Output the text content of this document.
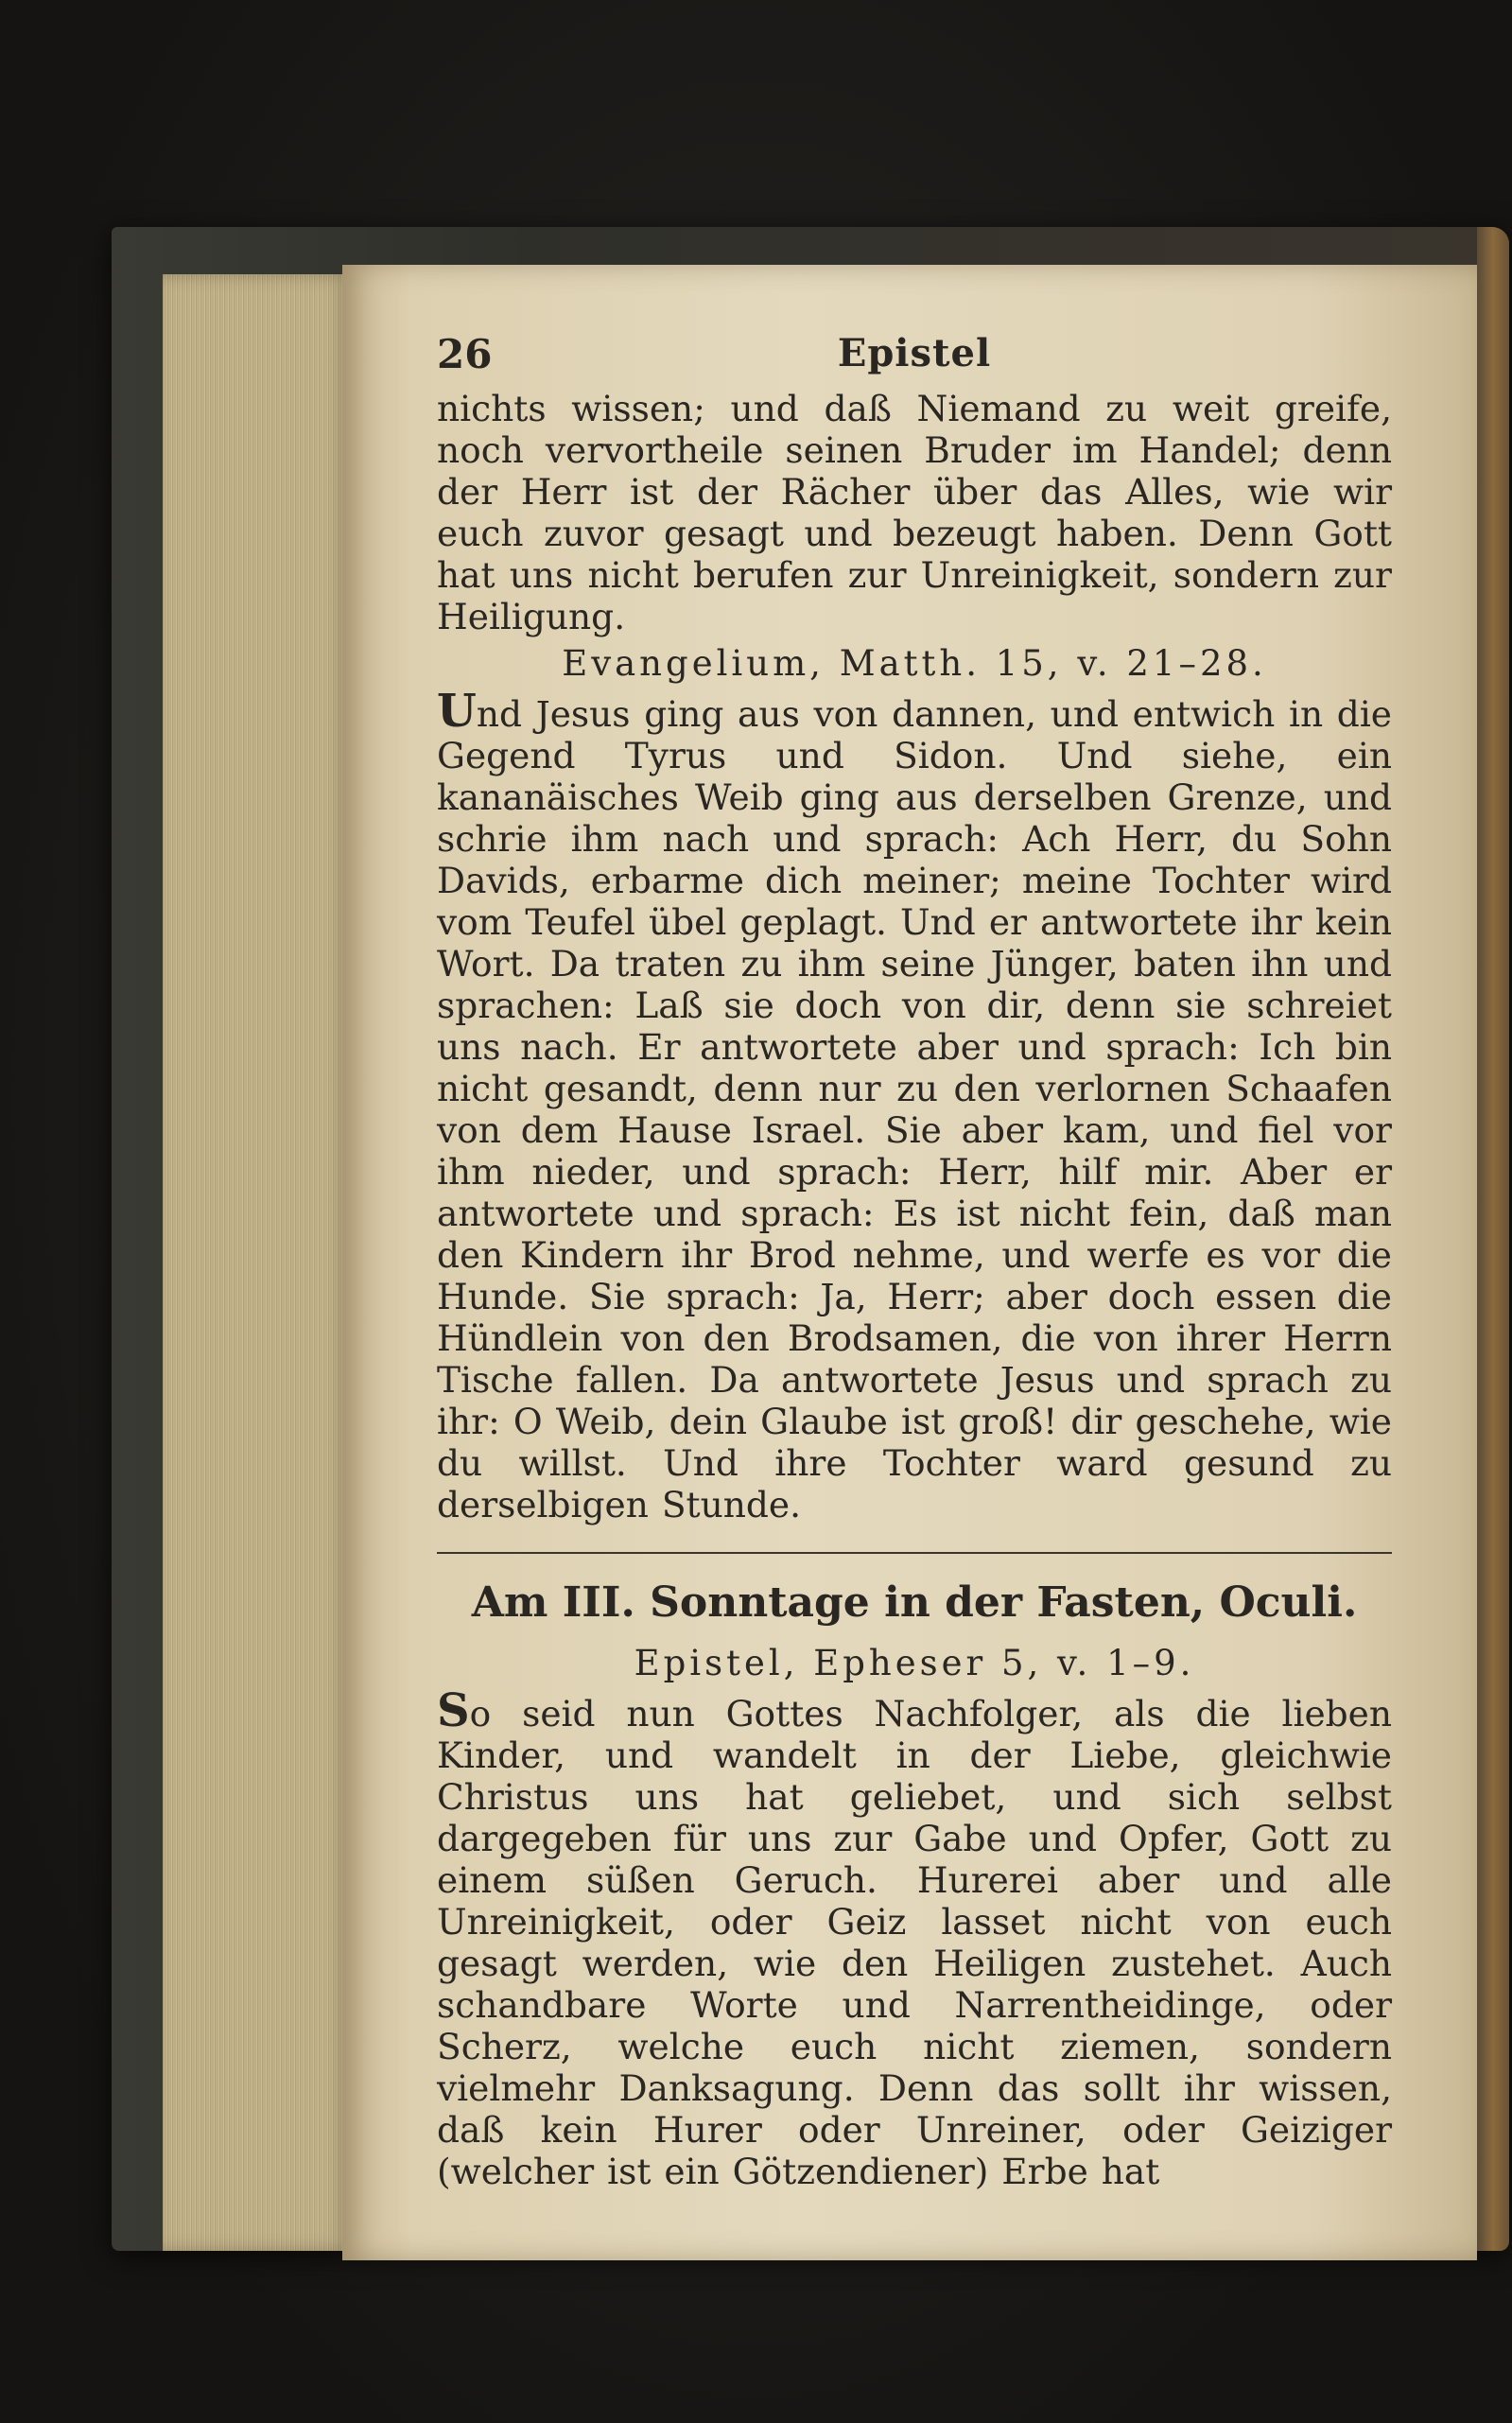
26	Epistel

nichts wissen; und daß Niemand zu weit greife, noch vervortheile seinen Bruder im Handel; denn der Herr ist der Rächer über das Alles, wie wir euch zuvor gesagt und bezeugt haben. Denn Gott hat uns nicht berufen zur Unreinigkeit, sondern zur Heiligung.

Evangelium, Matth. 15, v. 21–28.

Und Jesus ging aus von dannen, und entwich in die Gegend Tyrus und Sidon. Und siehe, ein kananäisches Weib ging aus derselben Grenze, und schrie ihm nach und sprach: Ach Herr, du Sohn Davids, erbarme dich meiner; meine Tochter wird vom Teufel übel geplagt. Und er antwortete ihr kein Wort. Da traten zu ihm seine Jünger, baten ihn und sprachen: Laß sie doch von dir, denn sie schreiet uns nach. Er antwortete aber und sprach: Ich bin nicht gesandt, denn nur zu den verlornen Schaafen von dem Hause Israel. Sie aber kam, und fiel vor ihm nieder, und sprach: Herr, hilf mir. Aber er antwortete und sprach: Es ist nicht fein, daß man den Kindern ihr Brod nehme, und werfe es vor die Hunde. Sie sprach: Ja, Herr; aber doch essen die Hündlein von den Brodsamen, die von ihrer Herrn Tische fallen. Da antwortete Jesus und sprach zu ihr: O Weib, dein Glaube ist groß! dir geschehe, wie du willst. Und ihre Tochter ward gesund zu derselbigen Stunde.

Am III. Sonntage in der Fasten, Oculi.

Epistel, Epheser 5, v. 1–9.

So seid nun Gottes Nachfolger, als die lieben Kinder, und wandelt in der Liebe, gleichwie Christus uns hat geliebet, und sich selbst dargegeben für uns zur Gabe und Opfer, Gott zu einem süßen Geruch. Hurerei aber und alle Unreinigkeit, oder Geiz lasset nicht von euch gesagt werden, wie den Heiligen zustehet. Auch schandbare Worte und Narrentheidinge, oder Scherz, welche euch nicht ziemen, sondern vielmehr Danksagung. Denn das sollt ihr wissen, daß kein Hurer oder Unreiner, oder Geiziger (welcher ist ein Götzendiener) Erbe hat
